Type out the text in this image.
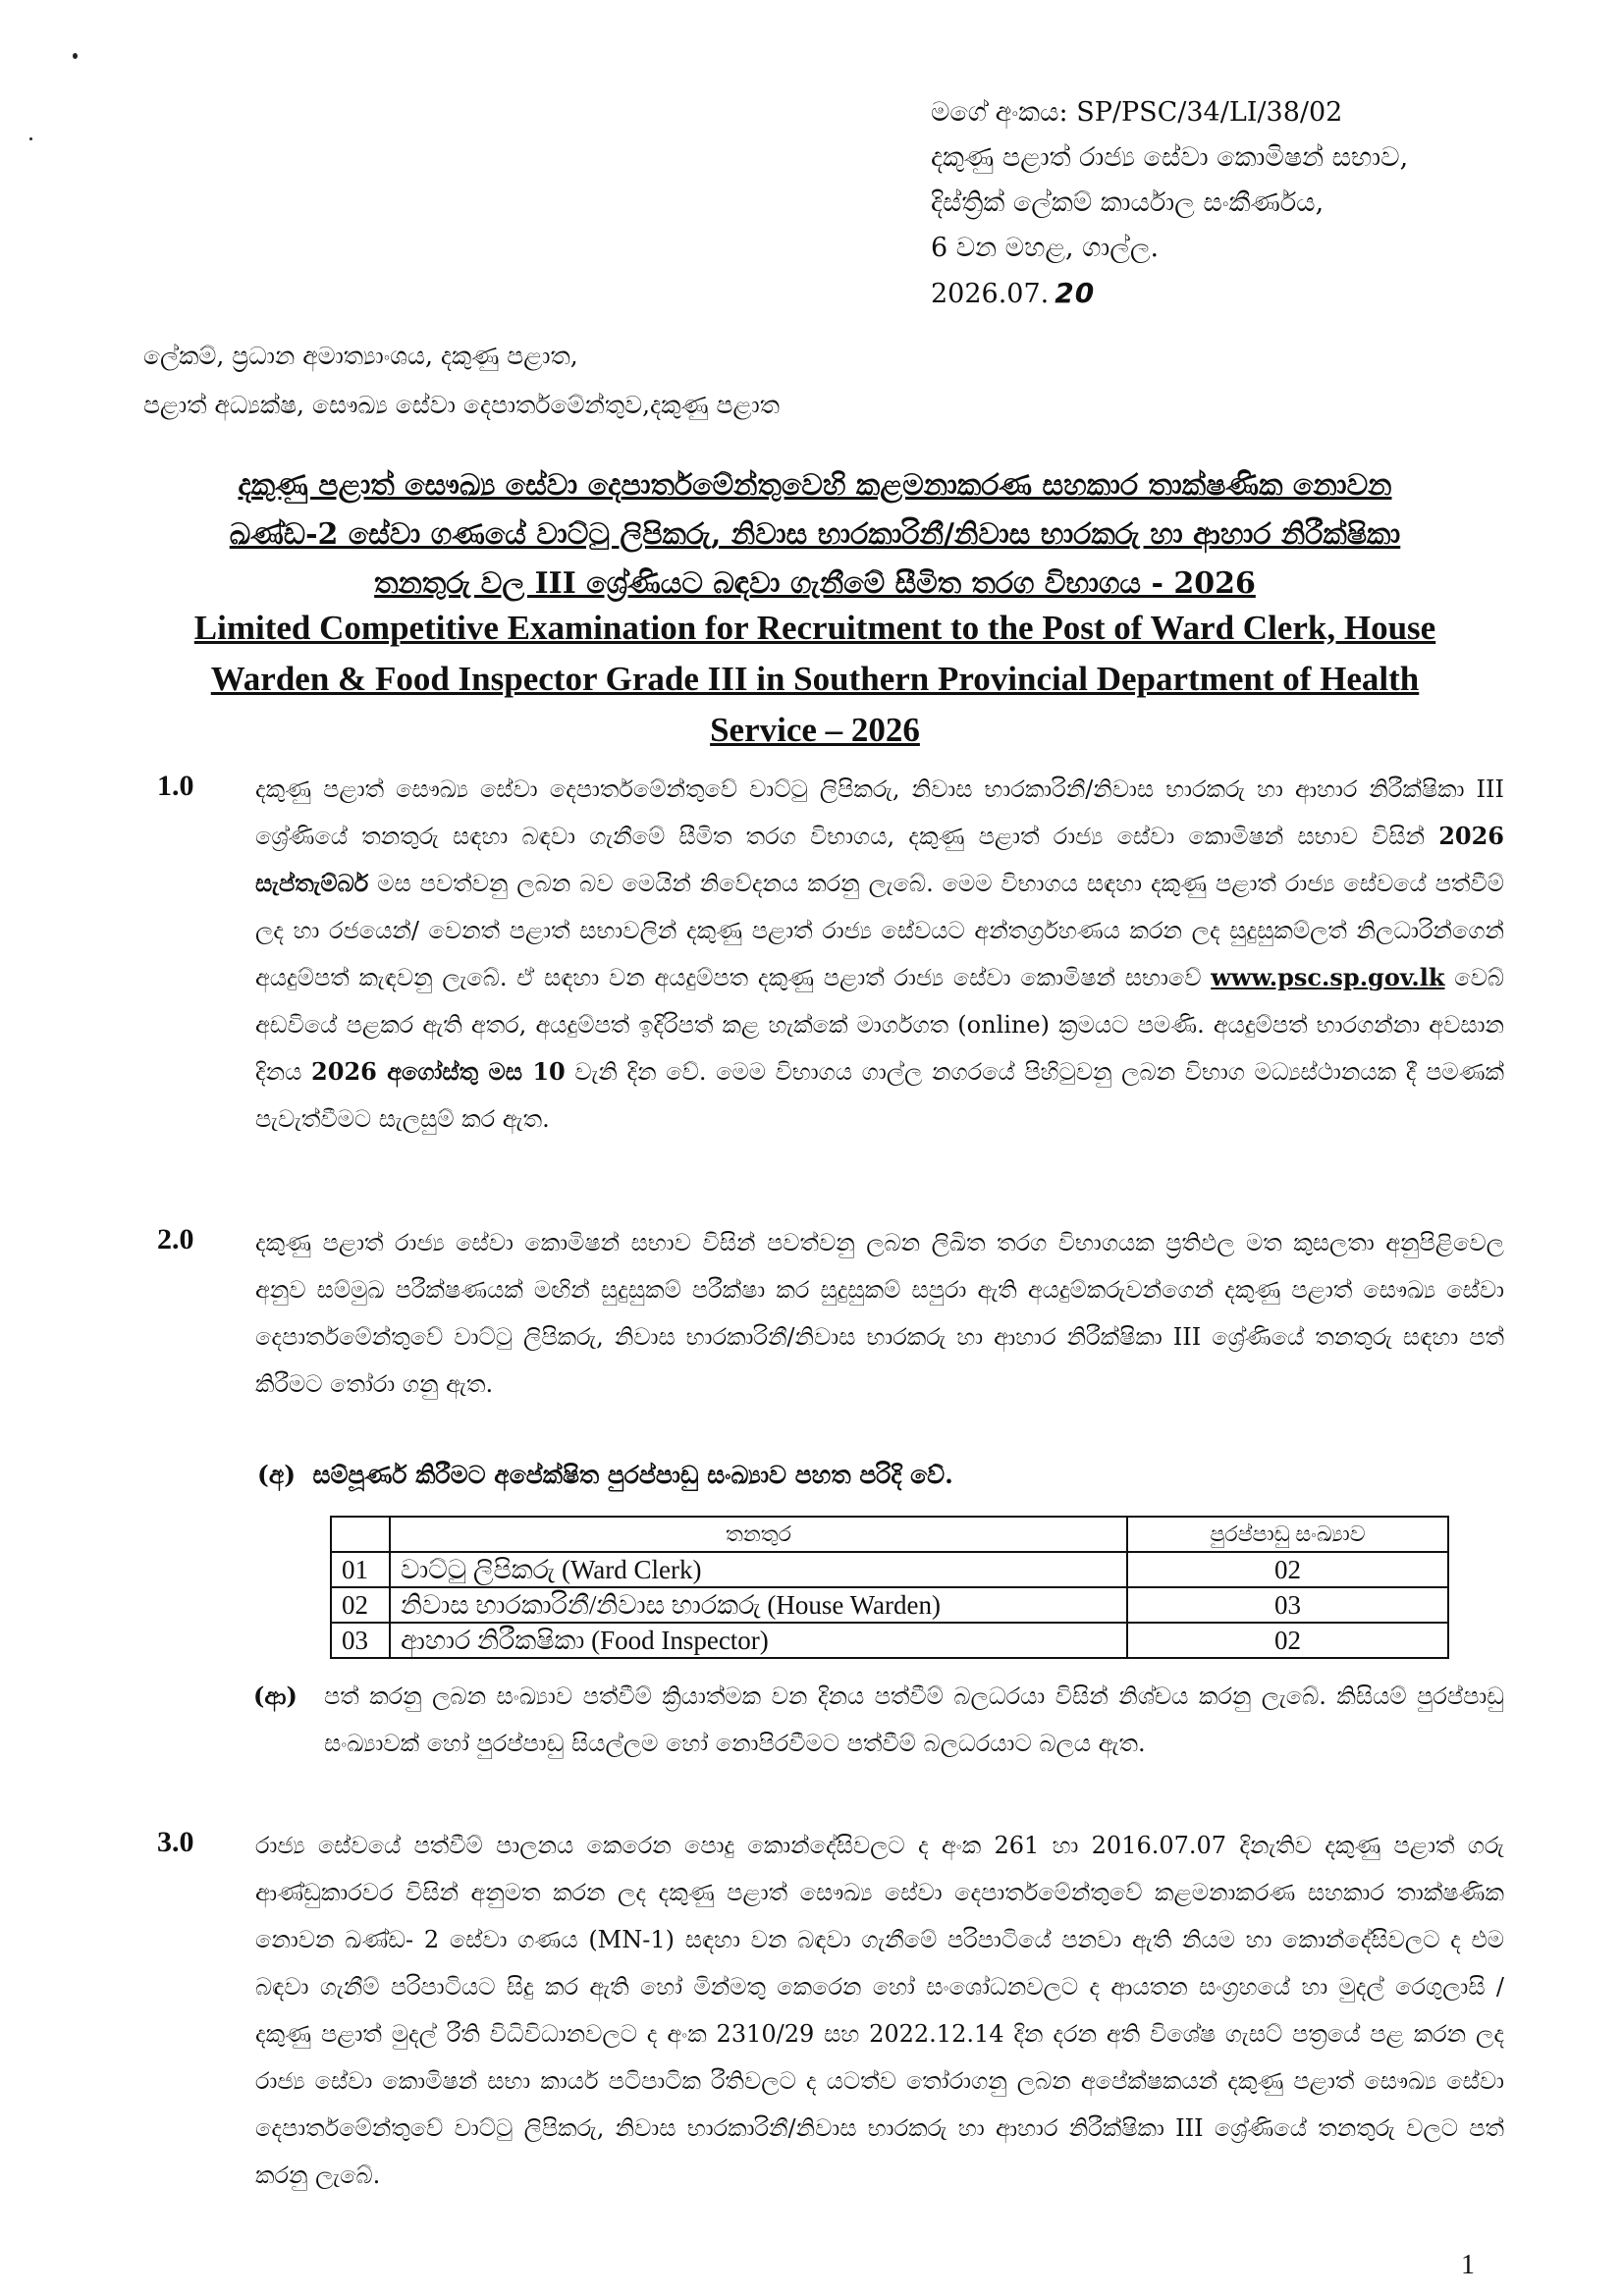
මගේ අංකය: SP/PSC/34/LI/38/02
දකුණු පළාත් රාජ්‍ය සේවා කොමිෂන් සභාව,
දිස්ත්‍රික් ලේකම් කාර්යාල සංකීර්ණය,
6 වන මහළ, ගාල්ල.
2026.07. 20
ලේකම්, ප්‍රධාන අමාත්‍යාංශය, දකුණු පළාත,
පළාත් අධ්‍යක්ෂ, සෞඛ්‍ය සේවා දෙපාර්තමේන්තුව,දකුණු පළාත
දකුණු පළාත් සෞඛ්‍ය සේවා දෙපාර්තමේන්තුවෙහි කළමනාකරණ සහකාර තාක්ෂණික නොවන
ඛණ්ඩ-2 සේවා ගණයේ වාට්ටු ලිපිකරු, නිවාස භාරකාරිනී/නිවාස භාරකරු හා ආහාර නිරීක්ෂිකා
තනතුරු වල III ශ්‍රේණියට බඳවා ගැනීමේ සීමිත තරග විභාගය - 2026
Limited Competitive Examination for Recruitment to the Post of Ward Clerk, House
Warden & Food Inspector Grade III in Southern Provincial Department of Health
Service – 2026
1.0	දකුණු පළාත් සෞඛ්‍ය සේවා දෙපාර්තමේන්තුවේ වාට්ටු ලිපිකරු, නිවාස භාරකාරිනී/නිවාස භාරකරු හා ආහාර නිරීක්ෂිකා III ශ්‍රේණියේ තනතුරු සඳහා බඳවා ගැනීමේ සීමිත තරග විභාගය, දකුණු පළාත් රාජ්‍ය සේවා කොමිෂන් සභාව විසින් 2026 සැප්තැම්බර් මස පවත්වනු ලබන බව මෙයින් නිවේදනය කරනු ලැබේ. මෙම විභාගය සඳහා දකුණු පළාත් රාජ්‍ය සේවයේ පත්වීම් ලද හා රජයෙන්/ වෙනත් පළාත් සභාවලින් දකුණු පළාත් රාජ්‍ය සේවයට අන්තර්ග්‍රහණය කරන ලද සුදුසුකම්ලත් නිලධාරින්ගෙන් අයදුම්පත් කැඳවනු ලැබේ. ඒ සඳහා වන අයදුම්පත දකුණු පළාත් රාජ්‍ය සේවා කොමිෂන් සභාවේ www.psc.sp.gov.lk වෙබ් අඩවියේ පළකර ඇති අතර, අයදුම්පත් ඉදිරිපත් කළ හැක්කේ මාර්ගගත (online) ක්‍රමයට පමණි. අයදුම්පත් භාරගන්නා අවසාන දිනය 2026 අගෝස්තු මස 10 වැනි දින වේ. මෙම විභාගය ගාල්ල නගරයේ පිහිටුවනු ලබන විභාග මධ්‍යස්ථානයක දී පමණක් පැවැත්වීමට සැලසුම් කර ඇත.
2.0	දකුණු පළාත් රාජ්‍ය සේවා කොමිෂන් සභාව විසින් පවත්වනු ලබන ලිඛිත තරග විභාගයක ප්‍රතිඵල මත කුසලතා අනුපිළිවෙල අනුව සම්මුඛ පරීක්ෂණයක් මඟින් සුදුසුකම් පරීක්ෂා කර සුදුසුකම් සපුරා ඇති අයදුම්කරුවන්ගෙන් දකුණු පළාත් සෞඛ්‍ය සේවා දෙපාර්තමේන්තුවේ වාට්ටු ලිපිකරු, නිවාස භාරකාරිනී/නිවාස භාරකරු හා ආහාර නිරීක්ෂිකා III ශ්‍රේණියේ තනතුරු සඳහා පත් කිරීමට තෝරා ගනු ඇත.
(අ) සම්පූර්ණ කිරීමට අපේක්ෂිත පුරප්පාඩු සංඛ්‍යාව පහත පරිදි වේ.
	තනතුර	පුරප්පාඩු සංඛ්‍යාව
01	වාට්ටු ලිපිකරු (Ward Clerk)	02
02	නිවාස භාරකාරිනී/නිවාස භාරකරු (House Warden)	03
03	ආහාර නිරීකෂිකා (Food Inspector)	02
(ආ) පත් කරනු ලබන සංඛ්‍යාව පත්වීම් ක්‍රියාත්මක වන දිනය පත්වීම් බලධරයා විසින් නිශ්චය කරනු ලැබේ. කිසියම් පුරප්පාඩු සංඛ්‍යාවක් හෝ පුරප්පාඩු සියල්ලම හෝ නොපිරවීමට පත්වීම් බලධරයාට බලය ඇත.
3.0	රාජ්‍ය සේවයේ පත්වීම් පාලනය කෙරෙන පොදු කොන්දේසිවලට ද අංක 261 හා 2016.07.07 දිනැතිව දකුණු පළාත් ගරු ආණ්ඩුකාරවර විසින් අනුමත කරන ලද දකුණු පළාත් සෞඛ්‍ය සේවා දෙපාර්තමේන්තුවේ කළමනාකරණ සහකාර තාක්ෂණික නොවන ඛණ්ඩ- 2 සේවා ගණය (MN-1) සඳහා වන බඳවා ගැනීමේ පරිපාටියේ පනවා ඇති නියම හා කොන්දේසිවලට ද එම බඳවා ගැනීම් පරිපාටියට සිදු කර ඇති හෝ මින්මතු කෙරෙන හෝ සංශෝධනවලට ද ආයතන සංග්‍රහයේ හා මුදල් රෙගුලාසි / දකුණු පළාත් මුදල් රීති විධිවිධානවලට ද අංක 2310/29 සහ 2022.12.14 දින දරන අති විශේෂ ගැසට් පත්‍රයේ පළ කරන ලද රාජ්‍ය සේවා කොමිෂන් සභා කාර්ය පටිපාටික රීතිවලට ද යටත්ව තෝරාගනු ලබන අපේක්ෂකයන් දකුණු පළාත් සෞඛ්‍ය සේවා දෙපාර්තමේන්තුවේ වාට්ටු ලිපිකරු, නිවාස භාරකාරිනී/නිවාස භාරකරු හා ආහාර නිරීක්ෂිකා III ශ්‍රේණියේ තනතුරු වලට පත් කරනු ලැබේ.
1
